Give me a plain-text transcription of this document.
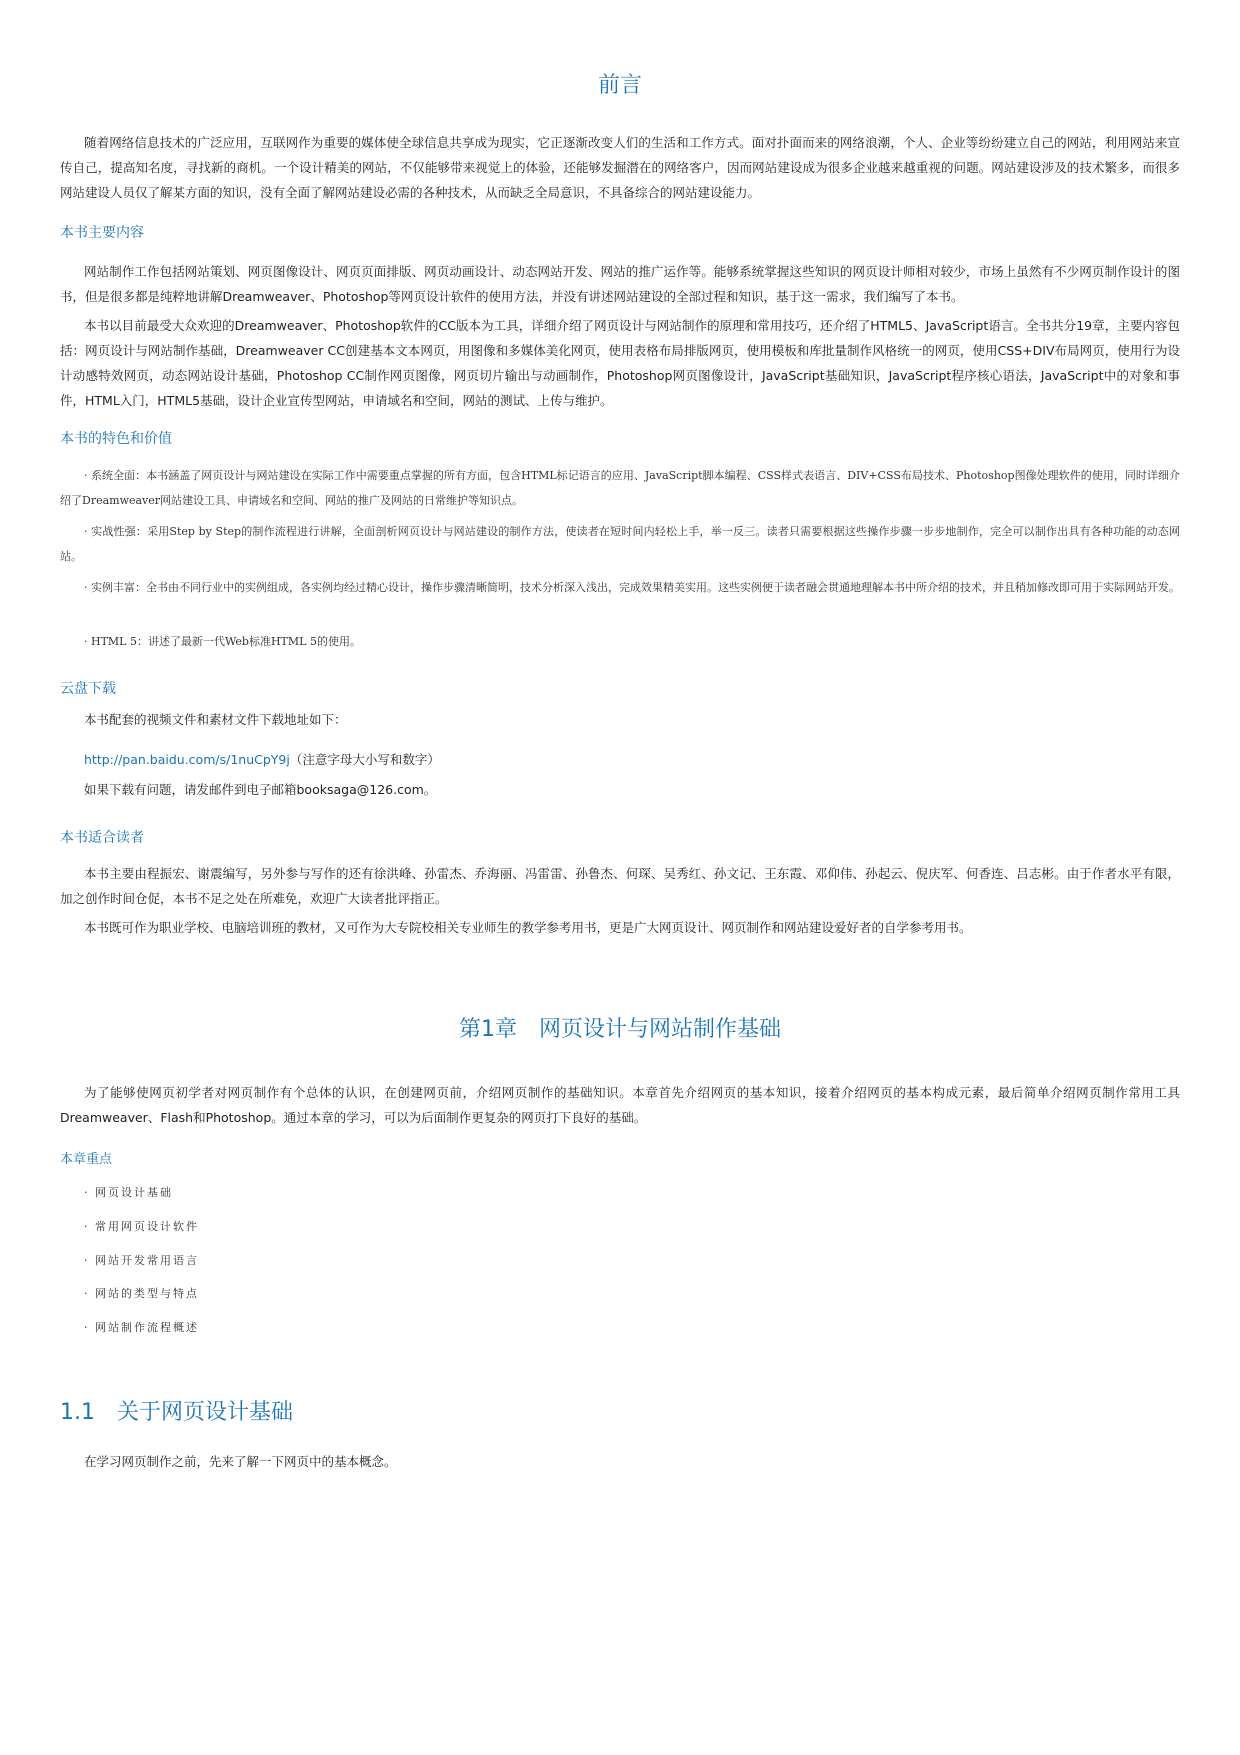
前言
随着网络信息技术的广泛应用，互联网作为重要的媒体使全球信息共享成为现实，它正逐渐改变人们的生活和工作方式。面对扑面而来的网络浪潮，个人、企业等纷纷建立自己的网站，利用网站来宣传自己，提高知名度，寻找新的商机。一个设计精美的网站，不仅能够带来视觉上的体验，还能够发掘潜在的网络客户，因而网站建设成为很多企业越来越重视的问题。网站建设涉及的技术繁多，而很多网站建设人员仅了解某方面的知识，没有全面了解网站建设必需的各种技术，从而缺乏全局意识，不具备综合的网站建设能力。
本书主要内容
网站制作工作包括网站策划、网页图像设计、网页页面排版、网页动画设计、动态网站开发、网站的推广运作等。能够系统掌握这些知识的网页设计师相对较少，市场上虽然有不少网页制作设计的图书，但是很多都是纯粹地讲解Dreamweaver、Photoshop等网页设计软件的使用方法，并没有讲述网站建设的全部过程和知识，基于这一需求，我们编写了本书。
本书以目前最受大众欢迎的Dreamweaver、Photoshop软件的CC版本为工具，详细介绍了网页设计与网站制作的原理和常用技巧，还介绍了HTML5、JavaScript语言。全书共分19章，主要内容包括：网页设计与网站制作基础，Dreamweaver CC创建基本文本网页，用图像和多媒体美化网页，使用表格布局排版网页，使用模板和库批量制作风格统一的网页，使用CSS+DIV布局网页，使用行为设计动感特效网页，动态网站设计基础，Photoshop CC制作网页图像，网页切片输出与动画制作，Photoshop网页图像设计，JavaScript基础知识，JavaScript程序核心语法，JavaScript中的对象和事件，HTML入门，HTML5基础，设计企业宣传型网站，申请域名和空间，网站的测试、上传与维护。
本书的特色和价值
· 系统全面：本书涵盖了网页设计与网站建设在实际工作中需要重点掌握的所有方面，包含HTML标记语言的应用、JavaScript脚本编程、CSS样式表语言、DIV+CSS布局技术、Photoshop图像处理软件的使用，同时详细介绍了Dreamweaver网站建设工具、申请域名和空间、网站的推广及网站的日常维护等知识点。
· 实战性强：采用Step by Step的制作流程进行讲解，全面剖析网页设计与网站建设的制作方法，使读者在短时间内轻松上手，举一反三。读者只需要根据这些操作步骤一步步地制作，完全可以制作出具有各种功能的动态网站。
· 实例丰富：全书由不同行业中的实例组成，各实例均经过精心设计，操作步骤清晰简明，技术分析深入浅出，完成效果精美实用。这些实例便于读者融会贯通地理解本书中所介绍的技术，并且稍加修改即可用于实际网站开发。
· HTML 5：讲述了最新一代Web标准HTML 5的使用。
云盘下载
本书配套的视频文件和素材文件下载地址如下：
http://pan.baidu.com/s/1nuCpY9j（注意字母大小写和数字）
如果下载有问题，请发邮件到电子邮箱booksaga@126.com。
本书适合读者
本书主要由程振宏、谢震编写，另外参与写作的还有徐洪峰、孙雷杰、乔海丽、冯雷雷、孙鲁杰、何琛、吴秀红、孙文记、王东霞、邓仰伟、孙起云、倪庆军、何香连、吕志彬。由于作者水平有限，加之创作时间仓促，本书不足之处在所难免，欢迎广大读者批评指正。
本书既可作为职业学校、电脑培训班的教材，又可作为大专院校相关专业师生的教学参考用书，更是广大网页设计、网页制作和网站建设爱好者的自学参考用书。
第1章　网页设计与网站制作基础
为了能够使网页初学者对网页制作有个总体的认识，在创建网页前，介绍网页制作的基础知识。本章首先介绍网页的基本知识，接着介绍网页的基本构成元素，最后简单介绍网页制作常用工具Dreamweaver、Flash和Photoshop。通过本章的学习，可以为后面制作更复杂的网页打下良好的基础。
本章重点
· 网页设计基础
· 常用网页设计软件
· 网站开发常用语言
· 网站的类型与特点
· 网站制作流程概述
1.1　关于网页设计基础
在学习网页制作之前，先来了解一下网页中的基本概念。
